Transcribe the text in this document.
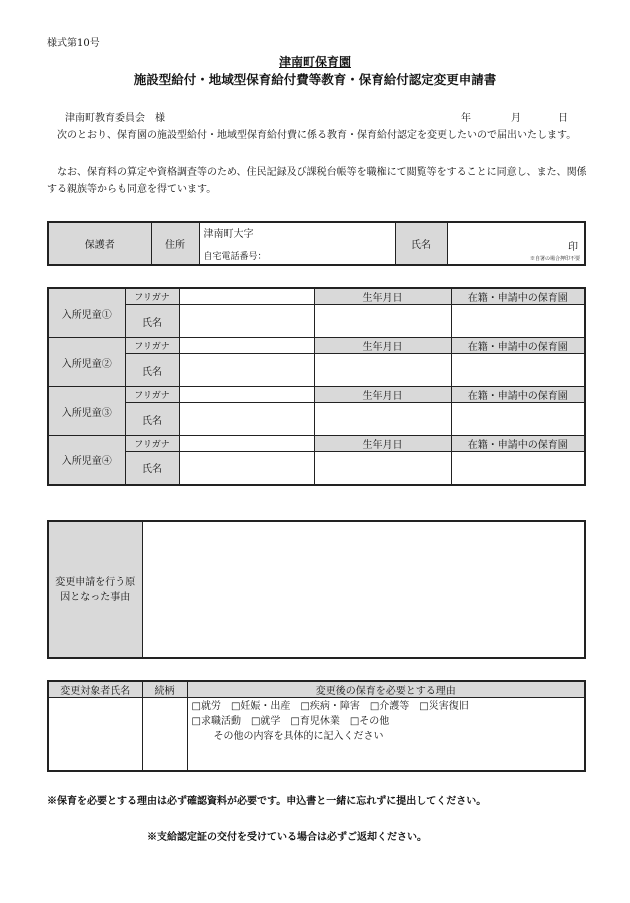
様式第10号
津南町保育園
施設型給付・地域型保育給付費等教育・保育給付認定変更申請書
津南町教育委員会　様	年	月	日
　次のとおり、保育園の施設型給付・地域型保育給付費に係る教育・保育給付認定を変更したいので届出いたします。
　なお、保育料の算定や資格調査等のため、住民記録及び課税台帳等を職権にて閲覧等をすることに同意し、また、関係する親族等からも同意を得ています。
保護者	住所	
津南町大字
自宅電話番号：
	氏名	印
※自署の場合押印不要
入所児童①	フリガナ		生年月日	在籍・申請中の保育園
	氏名			
入所児童②	フリガナ		生年月日	在籍・申請中の保育園
	氏名			
入所児童③	フリガナ		生年月日	在籍・申請中の保育園
	氏名			
入所児童④	フリガナ		生年月日	在籍・申請中の保育園
	氏名			
変更申請を行う原因となった事由	
変更対象者氏名	続柄	変更後の保育を必要とする理由

		□就労　□妊娠・出産　□疾病・障害　□介護等　□災害復旧
□求職活動　□就学　□育児休業　□その他
その他の内容を具体的に記入ください
※保育を必要とする理由は必ず確認資料が必要です。申込書と一緒に忘れずに提出してください。
※支給認定証の交付を受けている場合は必ずご返却ください。
